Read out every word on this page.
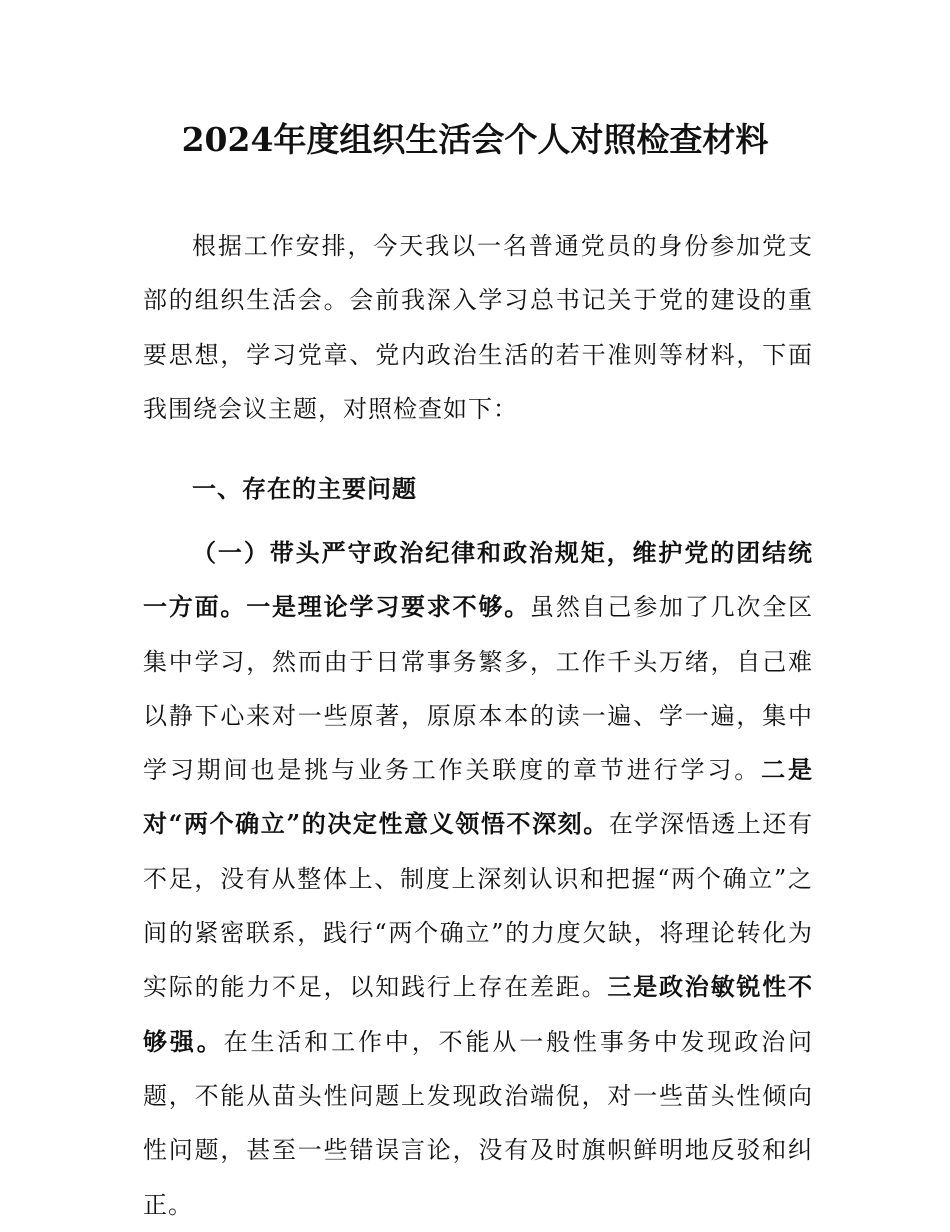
2024年度组织生活会个人对照检查材料

根据工作安排，今天我以一名普通党员的身份参加党支部的组织生活会。会前我深入学习总书记关于党的建设的重要思想，学习党章、党内政治生活的若干准则等材料，下面我围绕会议主题，对照检查如下：

一、存在的主要问题

（一）带头严守政治纪律和政治规矩，维护党的团结统一方面。一是理论学习要求不够。虽然自己参加了几次全区集中学习，然而由于日常事务繁多，工作千头万绪，自己难以静下心来对一些原著，原原本本的读一遍、学一遍，集中学习期间也是挑与业务工作关联度的章节进行学习。二是对“两个确立”的决定性意义领悟不深刻。在学深悟透上还有不足，没有从整体上、制度上深刻认识和把握“两个确立”之间的紧密联系，践行“两个确立”的力度欠缺，将理论转化为实际的能力不足，以知践行上存在差距。三是政治敏锐性不够强。在生活和工作中，不能从一般性事务中发现政治问题，不能从苗头性问题上发现政治端倪，对一些苗头性倾向性问题，甚至一些错误言论，没有及时旗帜鲜明地反驳和纠正。
